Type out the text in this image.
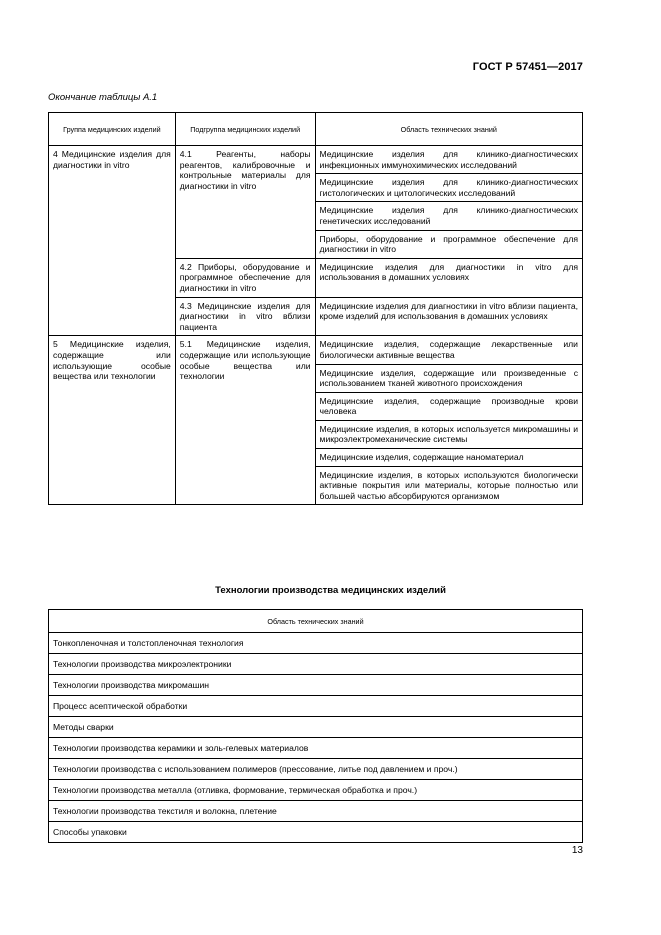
ГОСТ Р 57451—2017
Окончание таблицы А.1
Группа медицинских изделий	Подгруппа медицинских изделий	Область технических знаний
4 Медицинские изделия для диагностики in vitro	4.1 Реагенты, наборы реагентов, калибровочные и контрольные материалы для диагностики in vitro	Медицинские изделия для клинико-диагностических инфекционных иммунохимических исследований
		Медицинские изделия для клинико-диагностических гистологических и цитологических исследований
		Медицинские изделия для клинико-диагностических генетических исследований
		Приборы, оборудование и программное обеспечение для диагностики in vitro
	4.2 Приборы, оборудование и программное обеспечение для диагностики in vitro	Медицинские изделия для диагностики in vitro для использования в домашних условиях
	4.3 Медицинские изделия для диагностики in vitro вблизи пациента	Медицинские изделия для диагностики in vitro вблизи пациента, кроме изделий для использования в домашних условиях
5 Медицинские изделия, содержащие или использующие особые вещества или технологии	5.1 Медицинские изделия, содержащие или использующие особые вещества или технологии	Медицинские изделия, содержащие лекарственные или биологически активные вещества
		Медицинские изделия, содержащие или произведенные с использованием тканей животного происхождения
		Медицинские изделия, содержащие производные крови человека
		Медицинские изделия, в которых используется микромашины и микроэлектромеханические системы
		Медицинские изделия, содержащие наноматериал
		Медицинские изделия, в которых используются биологически активные покрытия или материалы, которые полностью или большей частью абсорбируются организмом
Технологии производства медицинских изделий
Область технических знаний
Тонкопленочная и толстопленочная технология
Технологии производства микроэлектроники
Технологии производства микромашин
Процесс асептической обработки
Методы сварки
Технологии производства керамики и золь-гелевых материалов
Технологии производства с использованием полимеров (прессование, литье под давлением и проч.)
Технологии производства металла (отливка, формование, термическая обработка и проч.)
Технологии производства текстиля и волокна, плетение
Способы упаковки
13
